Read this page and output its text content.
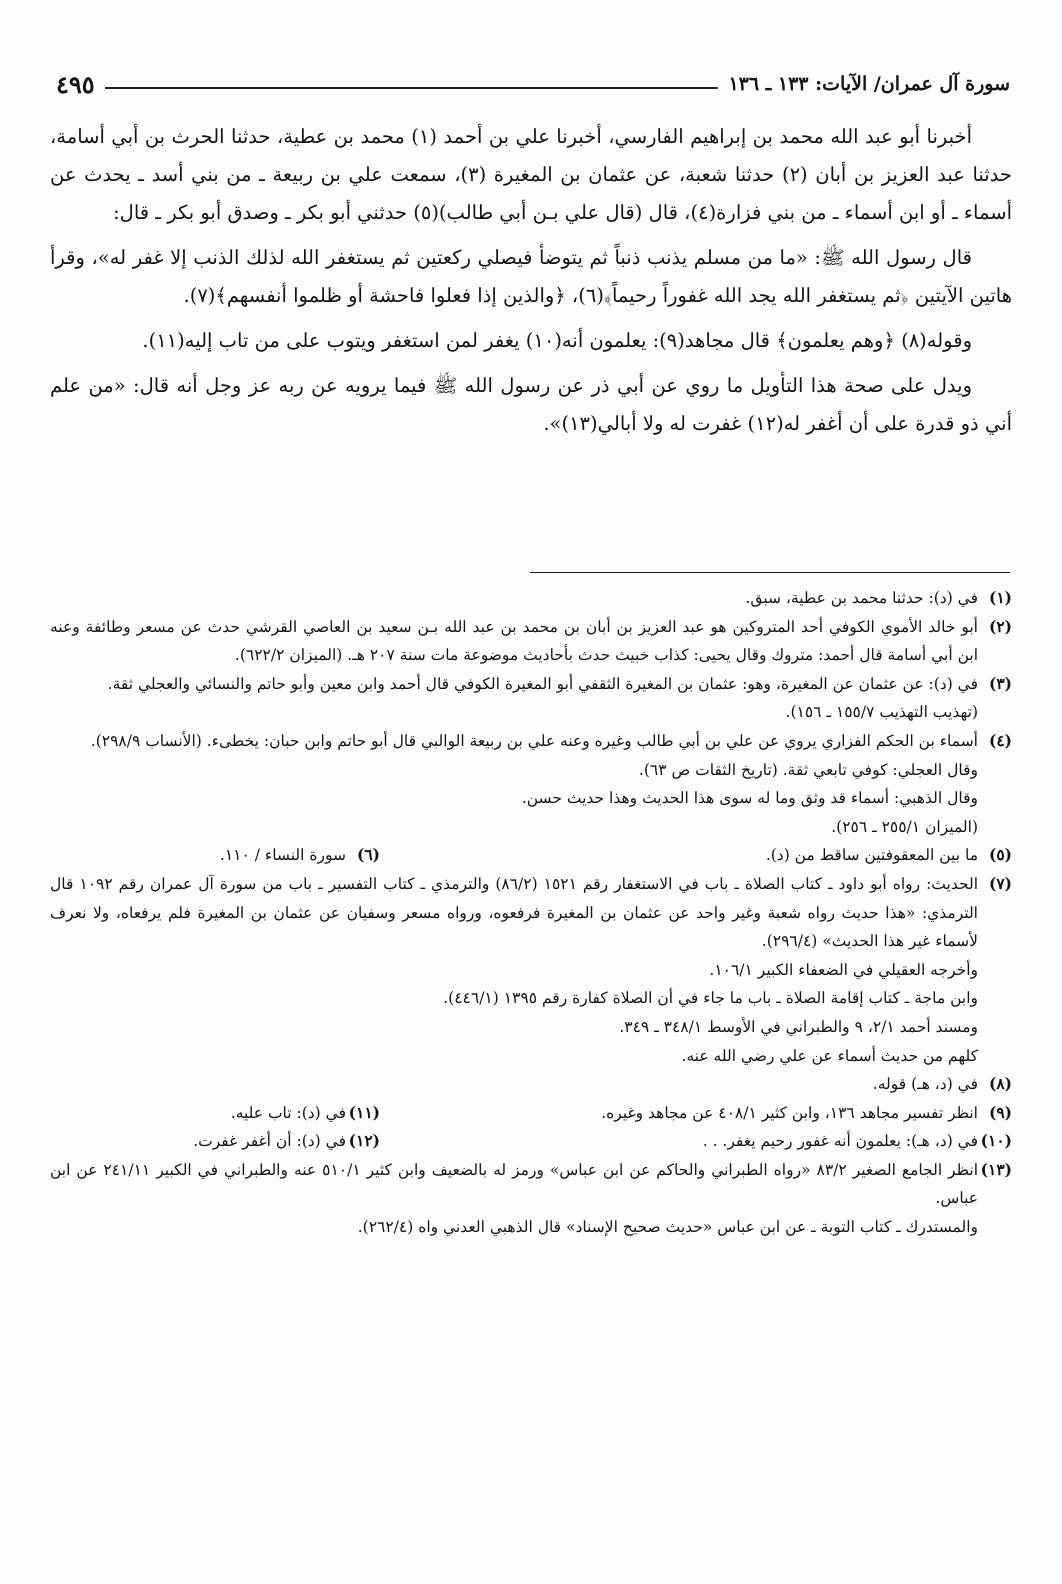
سورة آل عمران/ الآيات: ١٣٣ ـ ١٣٦
٤٩٥

أخبرنا أبو عبد الله محمد بن إبراهيم الفارسي، أخبرنا علي بن أحمد (١) محمد بن عطية، حدثنا الحرث بن أبي أسامة، حدثنا عبد العزيز بن أبان (٢) حدثنا شعبة، عن عثمان بن المغيرة (٣)، سمعت علي بن ربيعة ـ من بني أسد ـ يحدث عن أسماء ـ أو ابن أسماء ـ من بني فزارة(٤)، قال (قال علي بـن أبي طالب)(٥) حدثني أبو بكر ـ وصدق أبو بكر ـ قال:

قال رسول الله ﷺ: «ما من مسلم يذنب ذنباً ثم يتوضأ فيصلي ركعتين ثم يستغفر الله لذلك الذنب إلا غفر له»، وقرأ هاتين الآيتين ﴿ثم يستغفر الله يجد الله غفوراً رحيماً﴾(٦)، ﴿والذين إذا فعلوا فاحشة أو ظلموا أنفسهم﴾(٧).

وقوله(٨) ﴿وهم يعلمون﴾ قال مجاهد(٩): يعلمون أنه(١٠) يغفر لمن استغفر ويتوب على من تاب إليه(١١).

ويدل على صحة هذا التأويل ما روي عن أبي ذر عن رسول الله ﷺ فيما يرويه عن ربه عز وجل أنه قال: «من علم أني ذو قدرة على أن أغفر له(١٢) غفرت له ولا أبالي(١٣)».

(١)
في (د): حدثنا محمد بن عطية، سبق.
(٢)
أبو خالد الأموي الكوفي أحد المتروكين هو عبد العزيز بن أبان بن محمد بن عبد الله بـن سعيد بن العاصي القرشي حدث عن مسعر وطائفة وعنه ابن أبي أسامة قال أحمد: متروك وقال يحيى: كذاب خبيث حدث بأحاديث موضوعة مات سنة ٢٠٧ هـ. (الميزان ٦٢٢/٢).
(٣)
في (د): عن عثمان عن المغيرة، وهو: عثمان بن المغيرة الثقفي أبو المغيرة الكوفي قال أحمد وابن معين وأبو حاتم والنسائي والعجلي ثقة.
(تهذيب التهذيب ١٥٥/٧ ـ ١٥٦).
(٤)
أسماء بن الحكم الفزاري يروي عن علي بن أبي طالب وغيره وعنه علي بن ربيعة الوالبي قال أبو حاتم وابن حبان: يخطىء. (الأنساب ٢٩٨/٩).
وقال العجلي: كوفي تابعي ثقة. (تاريخ الثقات ص ٦٣).
وقال الذهبي: أسماء قد وثق وما له سوى هذا الحديث وهذا حديث حسن.
(الميزان ٢٥٥/١ ـ ٢٥٦).
(٥)
ما بين المعقوفتين ساقط من (د).
(٦)
سورة النساء / ١١٠.
(٧)
الحديث: رواه أبو داود ـ كتاب الصلاة ـ باب في الاستغفار رقم ١٥٢١ (٨٦/٢) والترمذي ـ كتاب التفسير ـ باب من سورة آل عمران رقم ١٠٩٢ قال الترمذي: «هذا حديث رواه شعبة وغير واحد عن عثمان بن المغيرة فرفعوه، ورواه مسعر وسفيان عن عثمان بن المغيرة فلم يرفعاه، ولا نعرف لأسماء غير هذا الحديث» (٢٩٦/٤).
وأخرجه العقيلي في الضعفاء الكبير ١٠٦/١.
وابن ماجة ـ كتاب إقامة الصلاة ـ باب ما جاء في أن الصلاة كفارة رقم ١٣٩٥ (٤٤٦/١).
ومسند أحمد ٢/١، ٩ والطبراني في الأوسط ٣٤٨/١ ـ ٣٤٩.
كلهم من حديث أسماء عن علي رضي الله عنه.
(٨)
في (د، هـ) قوله.
(٩)
انظر تفسير مجاهد ١٣٦، وابن كثير ٤٠٨/١ عن مجاهد وغيره.
(١١)
في (د): تاب عليه.
(١٠)
في (د، هـ): يعلمون أنه غفور رحيم يغفر. . .
(١٢)
في (د): أن أغفر غفرت.
(١٣)
انظر الجامع الصغير ٨٣/٢ «رواه الطبراني والحاكم عن ابن عباس» ورمز له بالضعيف وابن كثير ٥١٠/١ عنه والطبراني في الكبير ٢٤١/١١ عن ابن عباس.
والمستدرك ـ كتاب التوبة ـ عن ابن عباس «حديث صحيح الإسناد» قال الذهبي العدني واه (٢٦٢/٤).
